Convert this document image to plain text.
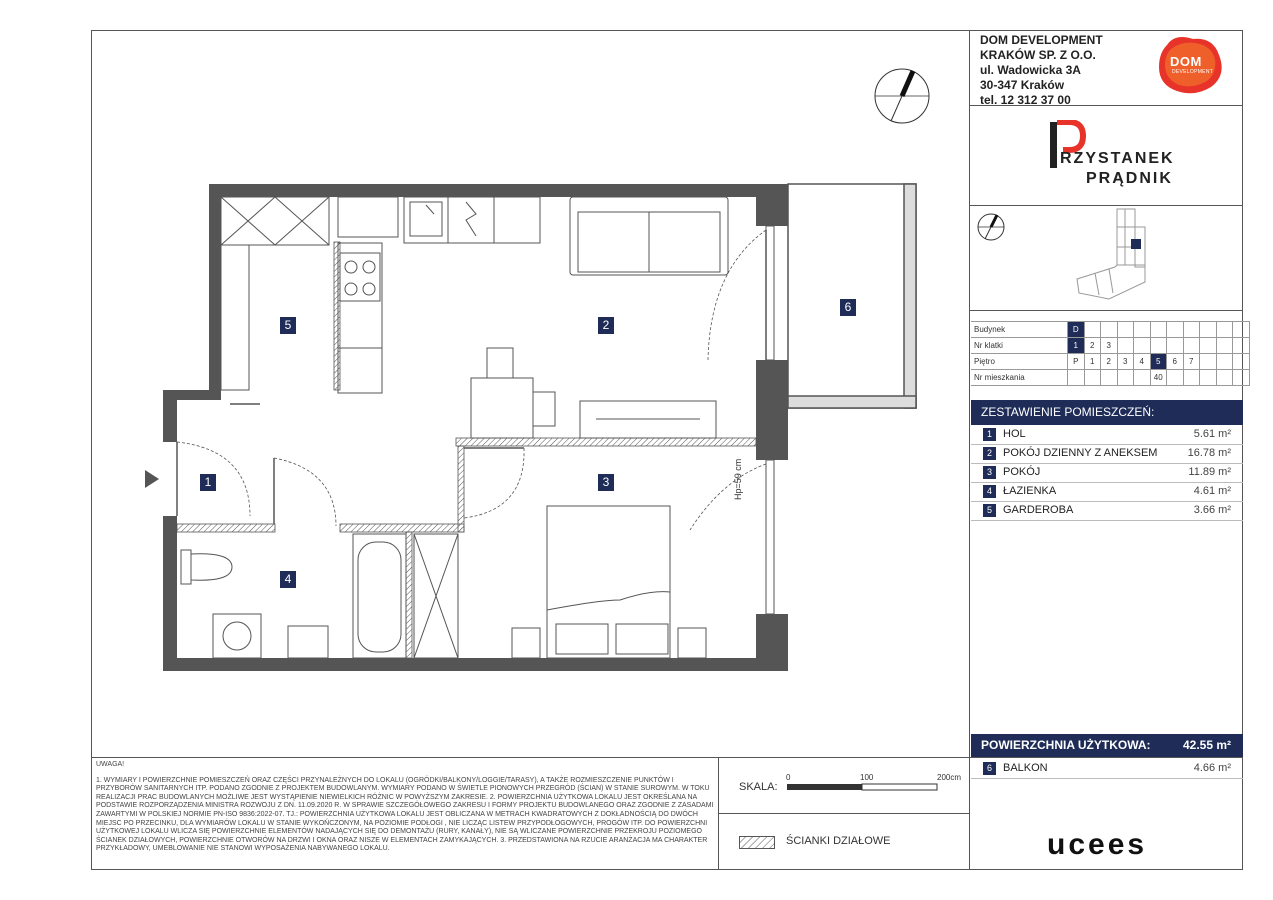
DOM DEVELOPMENT
KRAKÓW SP. Z O.O.
ul. Wadowicka 3A
30-347 Kraków
tel. 12 312 37 00
DOM
DEVELOPMENT
RZYSTANEK
PRĄDNIK
Budynek	D										
Nr klatki	1	2	3								
Piętro	P	1	2	3	4	5	6	7			
Nr mieszkania						40					
ZESTAWIENIE POMIESZCZEŃ:
1	HOL	5.61 m²
2	POKÓJ DZIENNY Z ANEKSEM	16.78 m²
3	POKÓJ	11.89 m²
4	ŁAZIENKA	4.61 m²
5	GARDEROBA	3.66 m²
POWIERZCHNIA UŻYTKOWA:	42.55 m²
6	BALKON	4.66 m²
UWAGA!
1. WYMIARY I POWIERZCHNIE POMIESZCZEŃ ORAZ CZĘŚCI PRZYNALEŻNYCH DO LOKALU (OGRÓDKI/BALKONY/LOGGIE/TARASY), A TAKŻE ROZMIESZCZENIE PUNKTÓW I PRZYBORÓW SANITARNYCH ITP. PODANO ZGODNIE Z PROJEKTEM BUDOWLANYM. WYMIARY PODANO W ŚWIETLE PIONOWYCH PRZEGRÓD (ŚCIAN) W STANIE SUROWYM. W TOKU REALIZACJI PRAC BUDOWLANYCH MOŻLIWE JEST WYSTĄPIENIE NIEWIELKICH RÓŻNIC W POWYŻSZYM ZAKRESIE. 2. POWIERZCHNIA UŻYTKOWA LOKALU JEST OKREŚLANA NA PODSTAWIE ROZPORZĄDZENIA MINISTRA ROZWOJU Z DN. 11.09.2020 R. W SPRAWIE SZCZEGÓŁOWEGO ZAKRESU I FORMY PROJEKTU BUDOWLANEGO ORAZ ZGODNIE Z ZASADAMI ZAWARTYMI W POLSKIEJ NORMIE PN-ISO 9836:2022-07. TJ.: POWIERZCHNIA UŻYTKOWA LOKALU JEST OBLICZANA W METRACH KWADRATOWYCH Z DOKŁADNOŚCIĄ DO DWÓCH MIEJSC PO PRZECINKU, DLA WYMIARÓW LOKALU W STANIE WYKOŃCZONYM, NA POZIOMIE PODŁOGI , NIE LICZĄC LISTEW PRZYPODŁOGOWYCH, PROGÓW ITP. DO POWIERZCHNI UŻYTKOWEJ LOKALU WLICZA SIĘ POWIERZCHNIE ELEMENTÓW NADAJĄCYCH SIĘ DO DEMONTAŻU (RURY, KANAŁY), NIE SĄ WLICZANE POWIERZCHNIE PRZEKROJU POZIOMEGO ŚCIANEK DZIAŁOWYCH, POWIERZCHNIE OTWORÓW NA DRZWI I OKNA ORAZ NISZE W ELEMENTACH ZAMYKAJĄCYCH. 3. PRZEDSTAWIONA NA RZUCIE ARANŻACJA MA CHARAKTER PRZYKŁADOWY, UMEBLOWANIE NIE STANOWI WYPOSAŻENIA NABYWANEGO LOKALU.
SKALA:
0	100	200cm
ŚCIANKI DZIAŁOWE	ucees
1
2
3
4
5
6
Hp=59 cm
